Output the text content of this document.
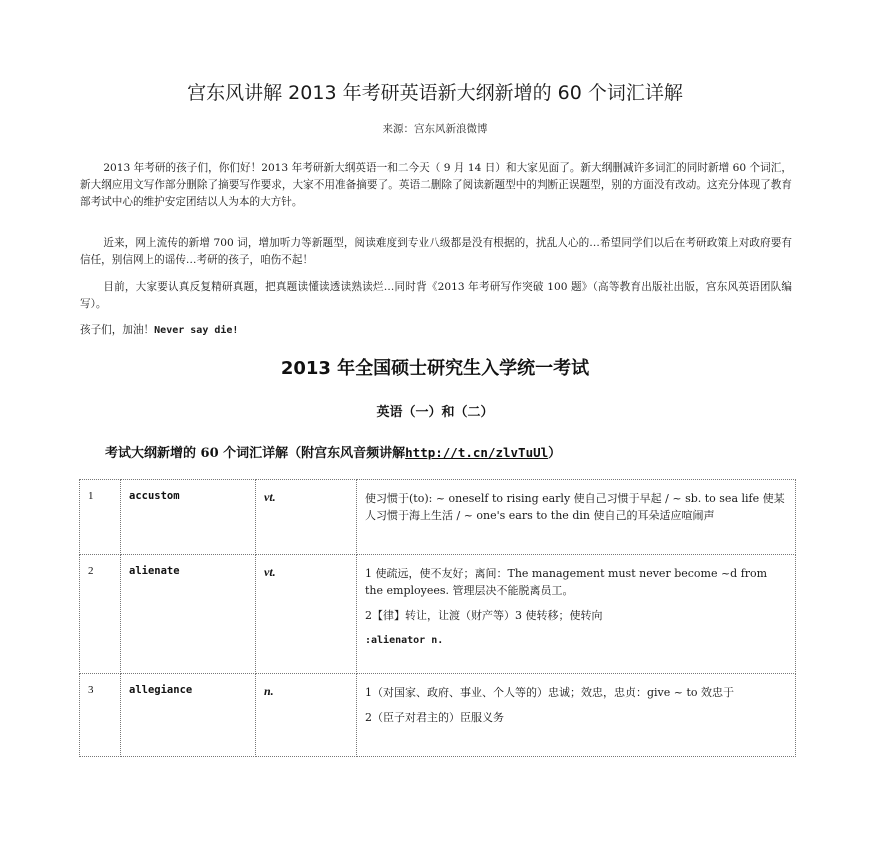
宫东风讲解 2013 年考研英语新大纲新增的 60 个词汇详解
来源：宫东风新浪微博
2013 年考研的孩子们，你们好！2013 年考研新大纲英语一和二今天（ 9 月 14 日）和大家见面了。新大纲删减许多词汇的同时新增 60 个词汇，新大纲应用文写作部分删除了摘要写作要求，大家不用准备摘要了。英语二删除了阅读新题型中的判断正误题型，别的方面没有改动。这充分体现了教育部考试中心的维护安定团结以人为本的大方针。
近来，网上流传的新增 700 词，增加听力等新题型，阅读难度到专业八级都是没有根据的，扰乱人心的…希望同学们以后在考研政策上对政府要有信任，别信网上的谣传…考研的孩子，咱伤不起！
目前，大家要认真反复精研真题，把真题读懂读透读熟读烂…同时背《2013 年考研写作突破 100 题》（高等教育出版社出版，宫东风英语团队编写）。
孩子们，加油！Never say die!
2013 年全国硕士研究生入学统一考试
英语（一）和（二）
考试大纲新增的 60 个词汇详解（附宫东风音频讲解http://t.cn/zlvTuUl）
1	accustom	vt.	使习惯于(to): ~ oneself to rising early 使自己习惯于早起 / ~ sb. to sea life 使某人习惯于海上生活 / ~ one's ears to the din 使自己的耳朵适应喧闹声

2	alienate	vt.	1 使疏远，使不友好；离间：The management must never become ~d from the employees. 管理层决不能脱离员工。
2【律】转让，让渡（财产等）3 使转移；使转向
:alienator n.

3	allegiance	n.	1（对国家、政府、事业、个人等的）忠诚；效忠，忠贞：give ~ to 效忠于
2（臣子对君主的）臣服义务
